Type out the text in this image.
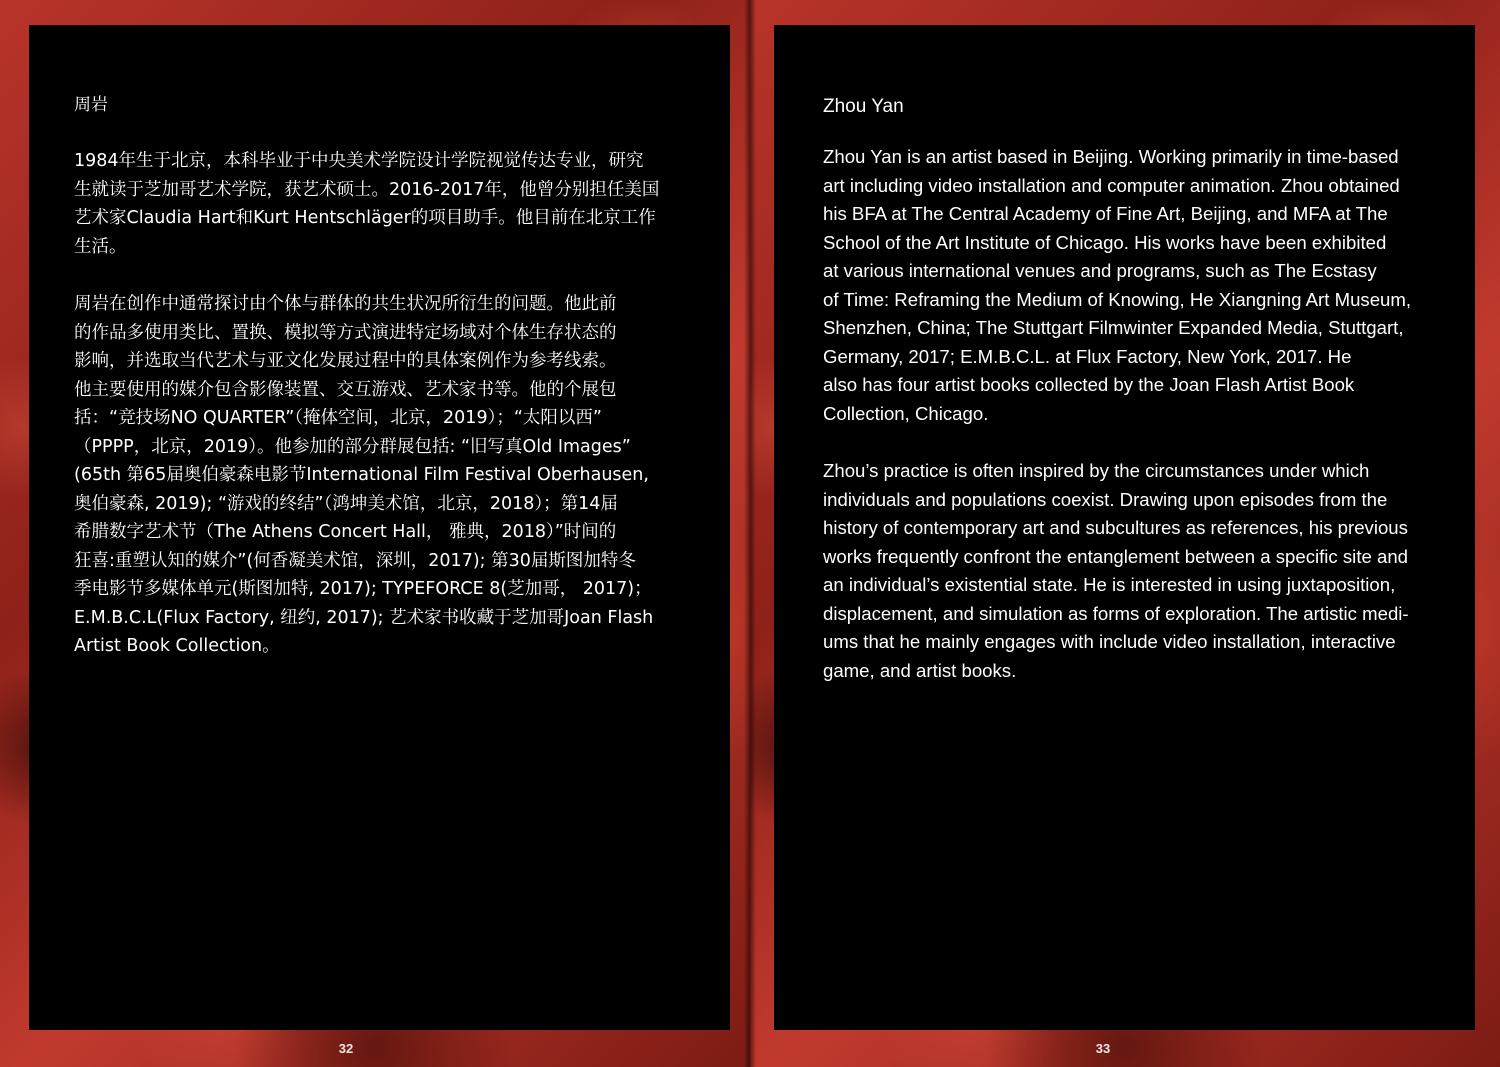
周岩
1984年生于北京，本科毕业于中央美术学院设计学院视觉传达专业，研究
生就读于芝加哥艺术学院，获艺术硕士。2016-2017年，他曾分别担任美国
艺术家Claudia Hart和Kurt Hentschläger的项目助手。他目前在北京工作
生活。
周岩在创作中通常探讨由个体与群体的共生状况所衍生的问题。他此前
的作品多使用类比、置换、模拟等方式演进特定场域对个体生存状态的
影响，并选取当代艺术与亚文化发展过程中的具体案例作为参考线索。
他主要使用的媒介包含影像装置、交互游戏、艺术家书等。他的个展包
括：“竞技场NO QUARTER”（掩体空间，北京，2019）；“太阳以西”
（PPPP，北京，2019）。他参加的部分群展包括: “旧写真Old Images”
(65th 第65届奥伯豪森电影节International Film Festival Oberhausen,
奥伯豪森, 2019); “游戏的终结”（鸿坤美术馆，北京，2018）；第14届
希腊数字艺术节（The Athens Concert Hall， 雅典，2018）”时间的
狂喜:重塑认知的媒介”(何香凝美术馆，深圳，2017); 第30届斯图加特冬
季电影节多媒体单元(斯图加特, 2017); TYPEFORCE 8(芝加哥， 2017)；
E.M.B.C.L(Flux Factory, 纽约, 2017); 艺术家书收藏于芝加哥Joan Flash
Artist Book Collection。
32
Zhou Yan
Zhou Yan is an artist based in Beijing. Working primarily in time-based
art including video installation and computer animation. Zhou obtained
his BFA at The Central Academy of Fine Art, Beijing, and MFA at The
School of the Art Institute of Chicago. His works have been exhibited
at various international venues and programs, such as The Ecstasy
of Time: Reframing the Medium of Knowing, He Xiangning Art Museum,
Shenzhen, China; The Stuttgart Filmwinter Expanded Media, Stuttgart,
Germany, 2017; E.M.B.C.L. at Flux Factory, New York, 2017. He
also has four artist books collected by the Joan Flash Artist Book
Collection, Chicago.
Zhou’s practice is often inspired by the circumstances under which
individuals and populations coexist. Drawing upon episodes from the
history of contemporary art and subcultures as references, his previous
works frequently confront the entanglement between a specific site and
an individual’s existential state. He is interested in using juxtaposition,
displacement, and simulation as forms of exploration. The artistic medi-
ums that he mainly engages with include video installation, interactive
game, and artist books.
33
